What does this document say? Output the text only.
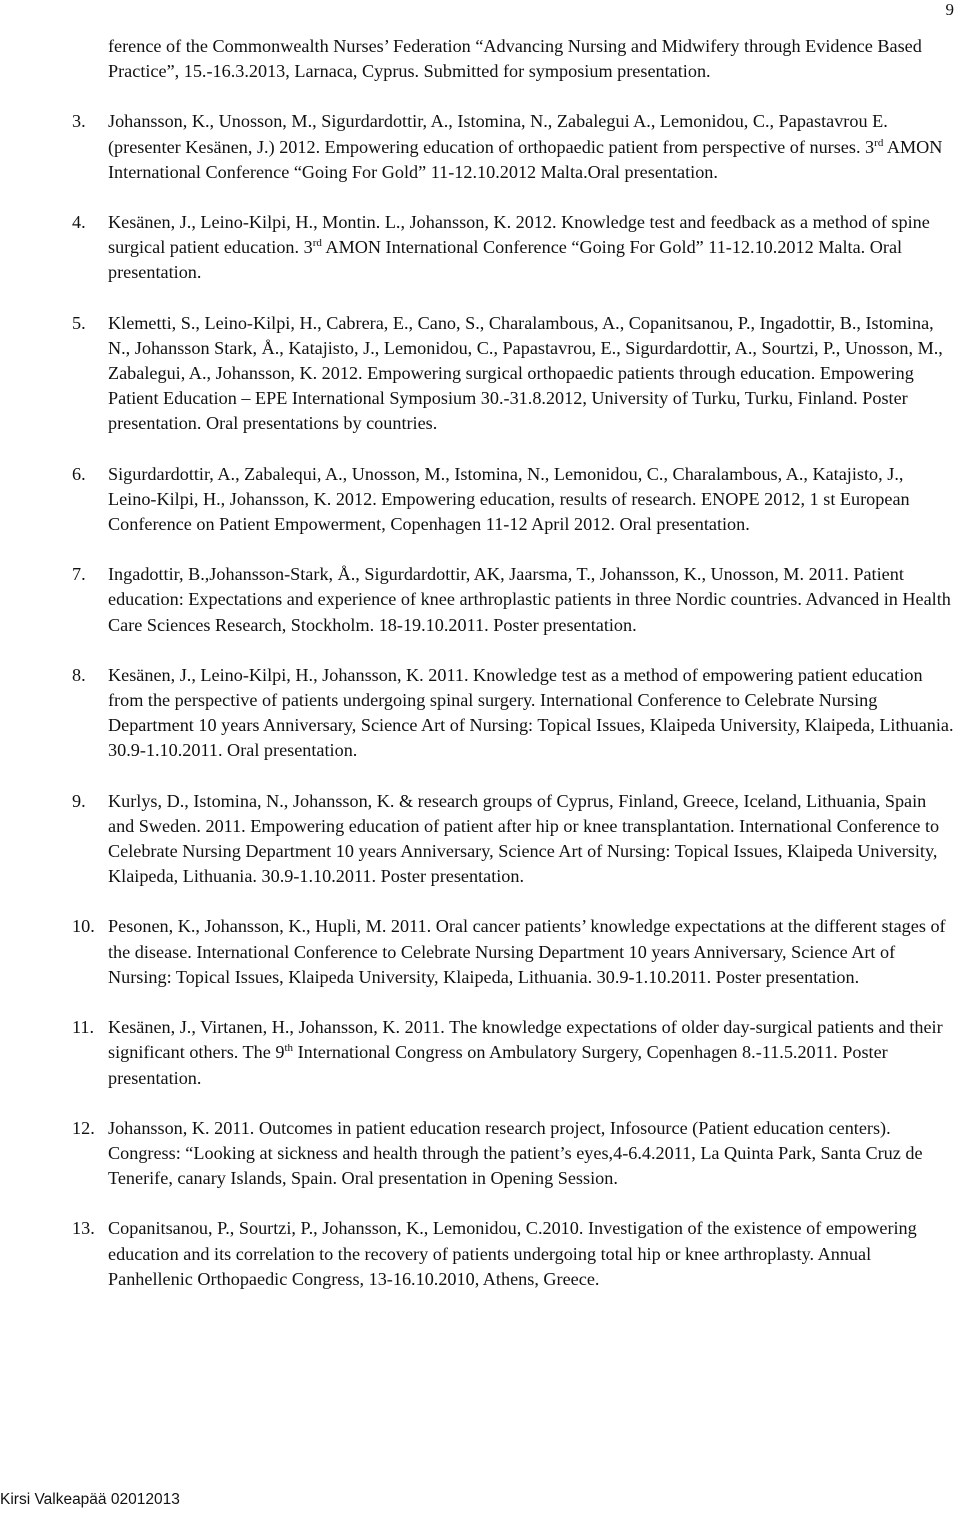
9

ference of the Commonwealth Nurses’ Federation “Advancing Nursing and Midwifery through Evidence Based Practice”, 15.-16.3.2013, Larnaca, Cyprus. Submitted for symposium presentation.

3. Johansson, K., Unosson, M., Sigurdardottir, A., Istomina, N., Zabalegui A., Lemonidou, C., Papastavrou E. (presenter Kesänen, J.) 2012. Empowering education of orthopaedic patient from perspective of nurses. 3rd AMON International Conference “Going For Gold” 11-12.10.2012 Malta.Oral presentation.

4. Kesänen, J., Leino-Kilpi, H., Montin. L., Johansson, K. 2012. Knowledge test and feedback as a method of spine surgical patient education. 3rd AMON International Conference “Going For Gold” 11-12.10.2012 Malta. Oral presentation.

5. Klemetti, S., Leino-Kilpi, H., Cabrera, E., Cano, S., Charalambous, A., Copanitsanou, P., Ingadottir, B., Istomina, N., Johansson Stark, Å., Katajisto, J., Lemonidou, C., Papastavrou, E., Sigurdardottir, A., Sourtzi, P., Unosson, M., Zabalegui, A., Johansson, K. 2012. Empowering surgical orthopaedic patients through education. Empowering Patient Education – EPE International Symposium 30.-31.8.2012, University of Turku, Turku, Finland. Poster presentation. Oral presentations by countries.

6. Sigurdardottir, A., Zabalequi, A., Unosson, M., Istomina, N., Lemonidou, C., Charalambous, A., Katajisto, J., Leino-Kilpi, H., Johansson, K. 2012. Empowering education, results of research. ENOPE 2012, 1 st European Conference on Patient Empowerment, Copenhagen 11-12 April 2012. Oral presentation.

7. Ingadottir, B.,Johansson-Stark, Å., Sigurdardottir, AK, Jaarsma, T., Johansson, K., Unosson, M. 2011. Patient education: Expectations and experience of knee arthroplastic patients in three Nordic countries. Advanced in Health Care Sciences Research, Stockholm. 18-19.10.2011. Poster presentation.

8. Kesänen, J., Leino-Kilpi, H., Johansson, K. 2011. Knowledge test as a method of empowering patient education from the perspective of patients undergoing spinal surgery. International Conference to Celebrate Nursing Department 10 years Anniversary, Science Art of Nursing: Topical Issues, Klaipeda University, Klaipeda, Lithuania. 30.9-1.10.2011. Oral presentation.

9. Kurlys, D., Istomina, N., Johansson, K. & research groups of Cyprus, Finland, Greece, Iceland, Lithuania, Spain and Sweden. 2011. Empowering education of patient after hip or knee transplantation. International Conference to Celebrate Nursing Department 10 years Anniversary, Science Art of Nursing: Topical Issues, Klaipeda University, Klaipeda, Lithuania. 30.9-1.10.2011. Poster presentation.

10. Pesonen, K., Johansson, K., Hupli, M. 2011. Oral cancer patients’ knowledge expectations at the different stages of the disease. International Conference to Celebrate Nursing Department 10 years Anniversary, Science Art of Nursing: Topical Issues, Klaipeda University, Klaipeda, Lithuania. 30.9-1.10.2011. Poster presentation.

11. Kesänen, J., Virtanen, H., Johansson, K. 2011. The knowledge expectations of older day-surgical patients and their significant others. The 9th International Congress on Ambulatory Surgery, Copenhagen 8.-11.5.2011. Poster presentation.

12. Johansson, K. 2011. Outcomes in patient education research project, Infosource (Patient education centers). Congress: “Looking at sickness and health through the patient’s eyes,4-6.4.2011, La Quinta Park, Santa Cruz de Tenerife, canary Islands, Spain. Oral presentation in Opening Session.

13. Copanitsanou, P., Sourtzi, P., Johansson, K., Lemonidou, C.2010. Investigation of the existence of empowering education and its correlation to the recovery of patients undergoing total hip or knee arthroplasty. Annual Panhellenic Orthopaedic Congress, 13-16.10.2010, Athens, Greece.

Kirsi Valkeapää 02012013
